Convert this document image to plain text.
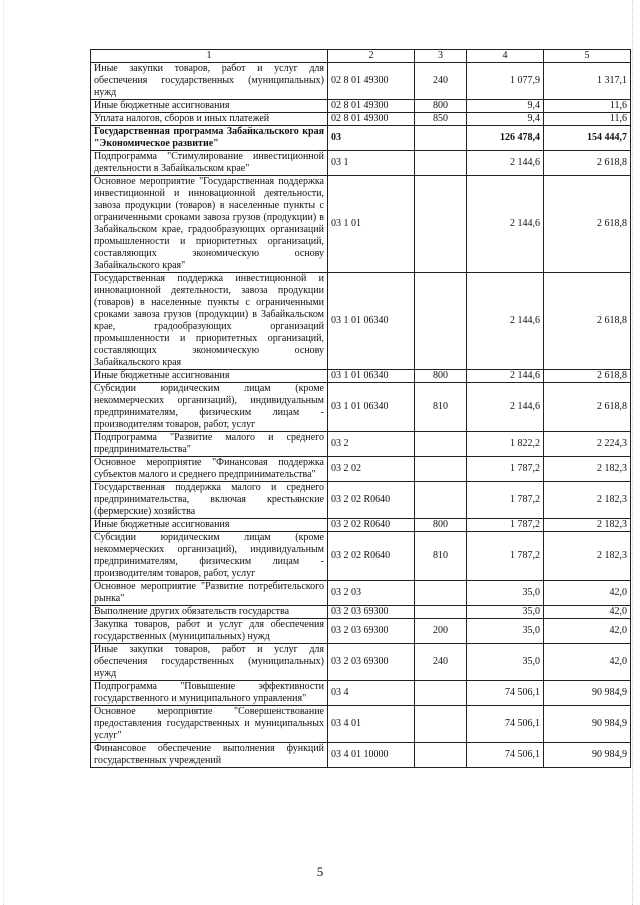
1	2	3	4	5
Иные закупки товаров, работ и услуг для обеспечения государственных (муниципальных) нужд	02 8 01 49300	240	1 077,9	1 317,1
Иные бюджетные ассигнования	02 8 01 49300	800	9,4	11,6
Уплата налогов, сборов и иных платежей	02 8 01 49300	850	9,4	11,6
Государственная программа Забайкальского края "Экономическое развитие"	03		126 478,4	154 444,7
Подпрограмма "Стимулирование инвестиционной деятельности в Забайкальском крае"	03 1		2 144,6	2 618,8
Основное мероприятие "Государственная поддержка инвестиционной и инновационной деятельности, завоза продукции (товаров) в населенные пункты с ограниченными сроками завоза грузов (продукции) в Забайкальском крае, градообразующих организаций промышленности и приоритетных организаций, составляющих экономическую основу Забайкальского края"	03 1 01		2 144,6	2 618,8
Государственная поддержка инвестиционной и инновационной деятельности, завоза продукции (товаров) в населенные пункты с ограниченными сроками завоза грузов (продукции) в Забайкальском крае, градообразующих организаций промышленности и приоритетных организаций, составляющих экономическую основу Забайкальского края	03 1 01 06340		2 144,6	2 618,8
Иные бюджетные ассигнования	03 1 01 06340	800	2 144,6	2 618,8
Субсидии юридическим лицам (кроме некоммерческих организаций), индивидуальным предпринимателям, физическим лицам - производителям товаров, работ, услуг	03 1 01 06340	810	2 144,6	2 618,8
Подпрограмма "Развитие малого и среднего предпринимательства"	03 2		1 822,2	2 224,3
Основное мероприятие "Финансовая поддержка субъектов малого и среднего предпринимательства"	03 2 02		1 787,2	2 182,3
Государственная поддержка малого и среднего предпринимательства, включая крестьянские (фермерские) хозяйства	03 2 02 R0640		1 787,2	2 182,3
Иные бюджетные ассигнования	03 2 02 R0640	800	1 787,2	2 182,3
Субсидии юридическим лицам (кроме некоммерческих организаций), индивидуальным предпринимателям, физическим лицам - производителям товаров, работ, услуг	03 2 02 R0640	810	1 787,2	2 182,3
Основное мероприятие "Развитие потребительского рынка"	03 2 03		35,0	42,0
Выполнение других обязательств государства	03 2 03 69300		35,0	42,0
Закупка товаров, работ и услуг для обеспечения государственных (муниципальных) нужд	03 2 03 69300	200	35,0	42,0
Иные закупки товаров, работ и услуг для обеспечения государственных (муниципальных) нужд	03 2 03 69300	240	35,0	42,0
Подпрограмма "Повышение эффективности государственного и муниципального управления"	03 4		74 506,1	90 984,9
Основное мероприятие "Совершенствование предоставления государственных и муниципальных услуг"	03 4 01		74 506,1	90 984,9
Финансовое обеспечение выполнения функций государственных учреждений	03 4 01 10000		74 506,1	90 984,9
5
